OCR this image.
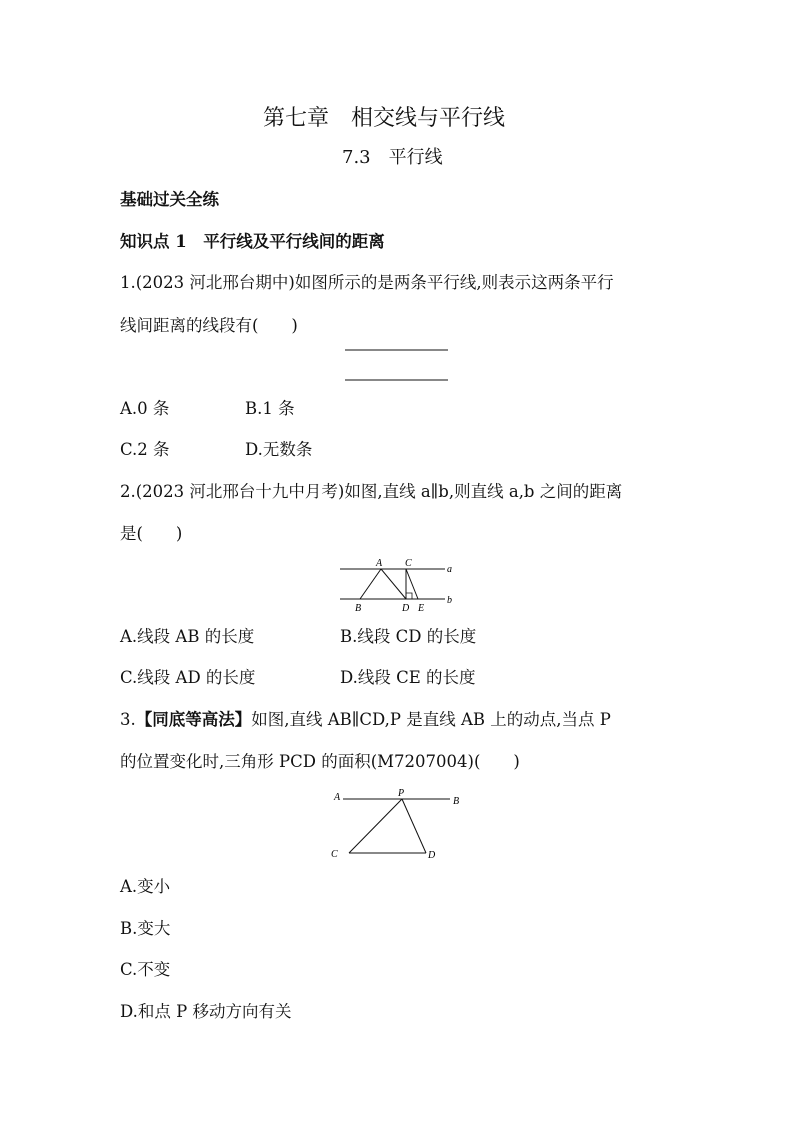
第七章　相交线与平行线
7.3　平行线
基础过关全练
知识点 1　平行线及平行线间的距离
1.(2023 河北邢台期中)如图所示的是两条平行线,则表示这两条平行
线间距离的线段有(　　)
A.0 条	B.1 条
C.2 条	D.无数条
2.(2023 河北邢台十九中月考)如图,直线 a∥b,则直线 a,b 之间的距离
是(　　)
a
b
A C
B	D E
A.线段 AB 的长度	B.线段 CD 的长度
C.线段 AD 的长度	D.线段 CE 的长度
3.【同底等高法】如图,直线 AB∥CD,P 是直线 AB 上的动点,当点 P
的位置变化时,三角形 PCD 的面积(M7207004)(　　)
A	P
B
C	D
A.变小
B.变大
C.不变
D.和点 P 移动方向有关
